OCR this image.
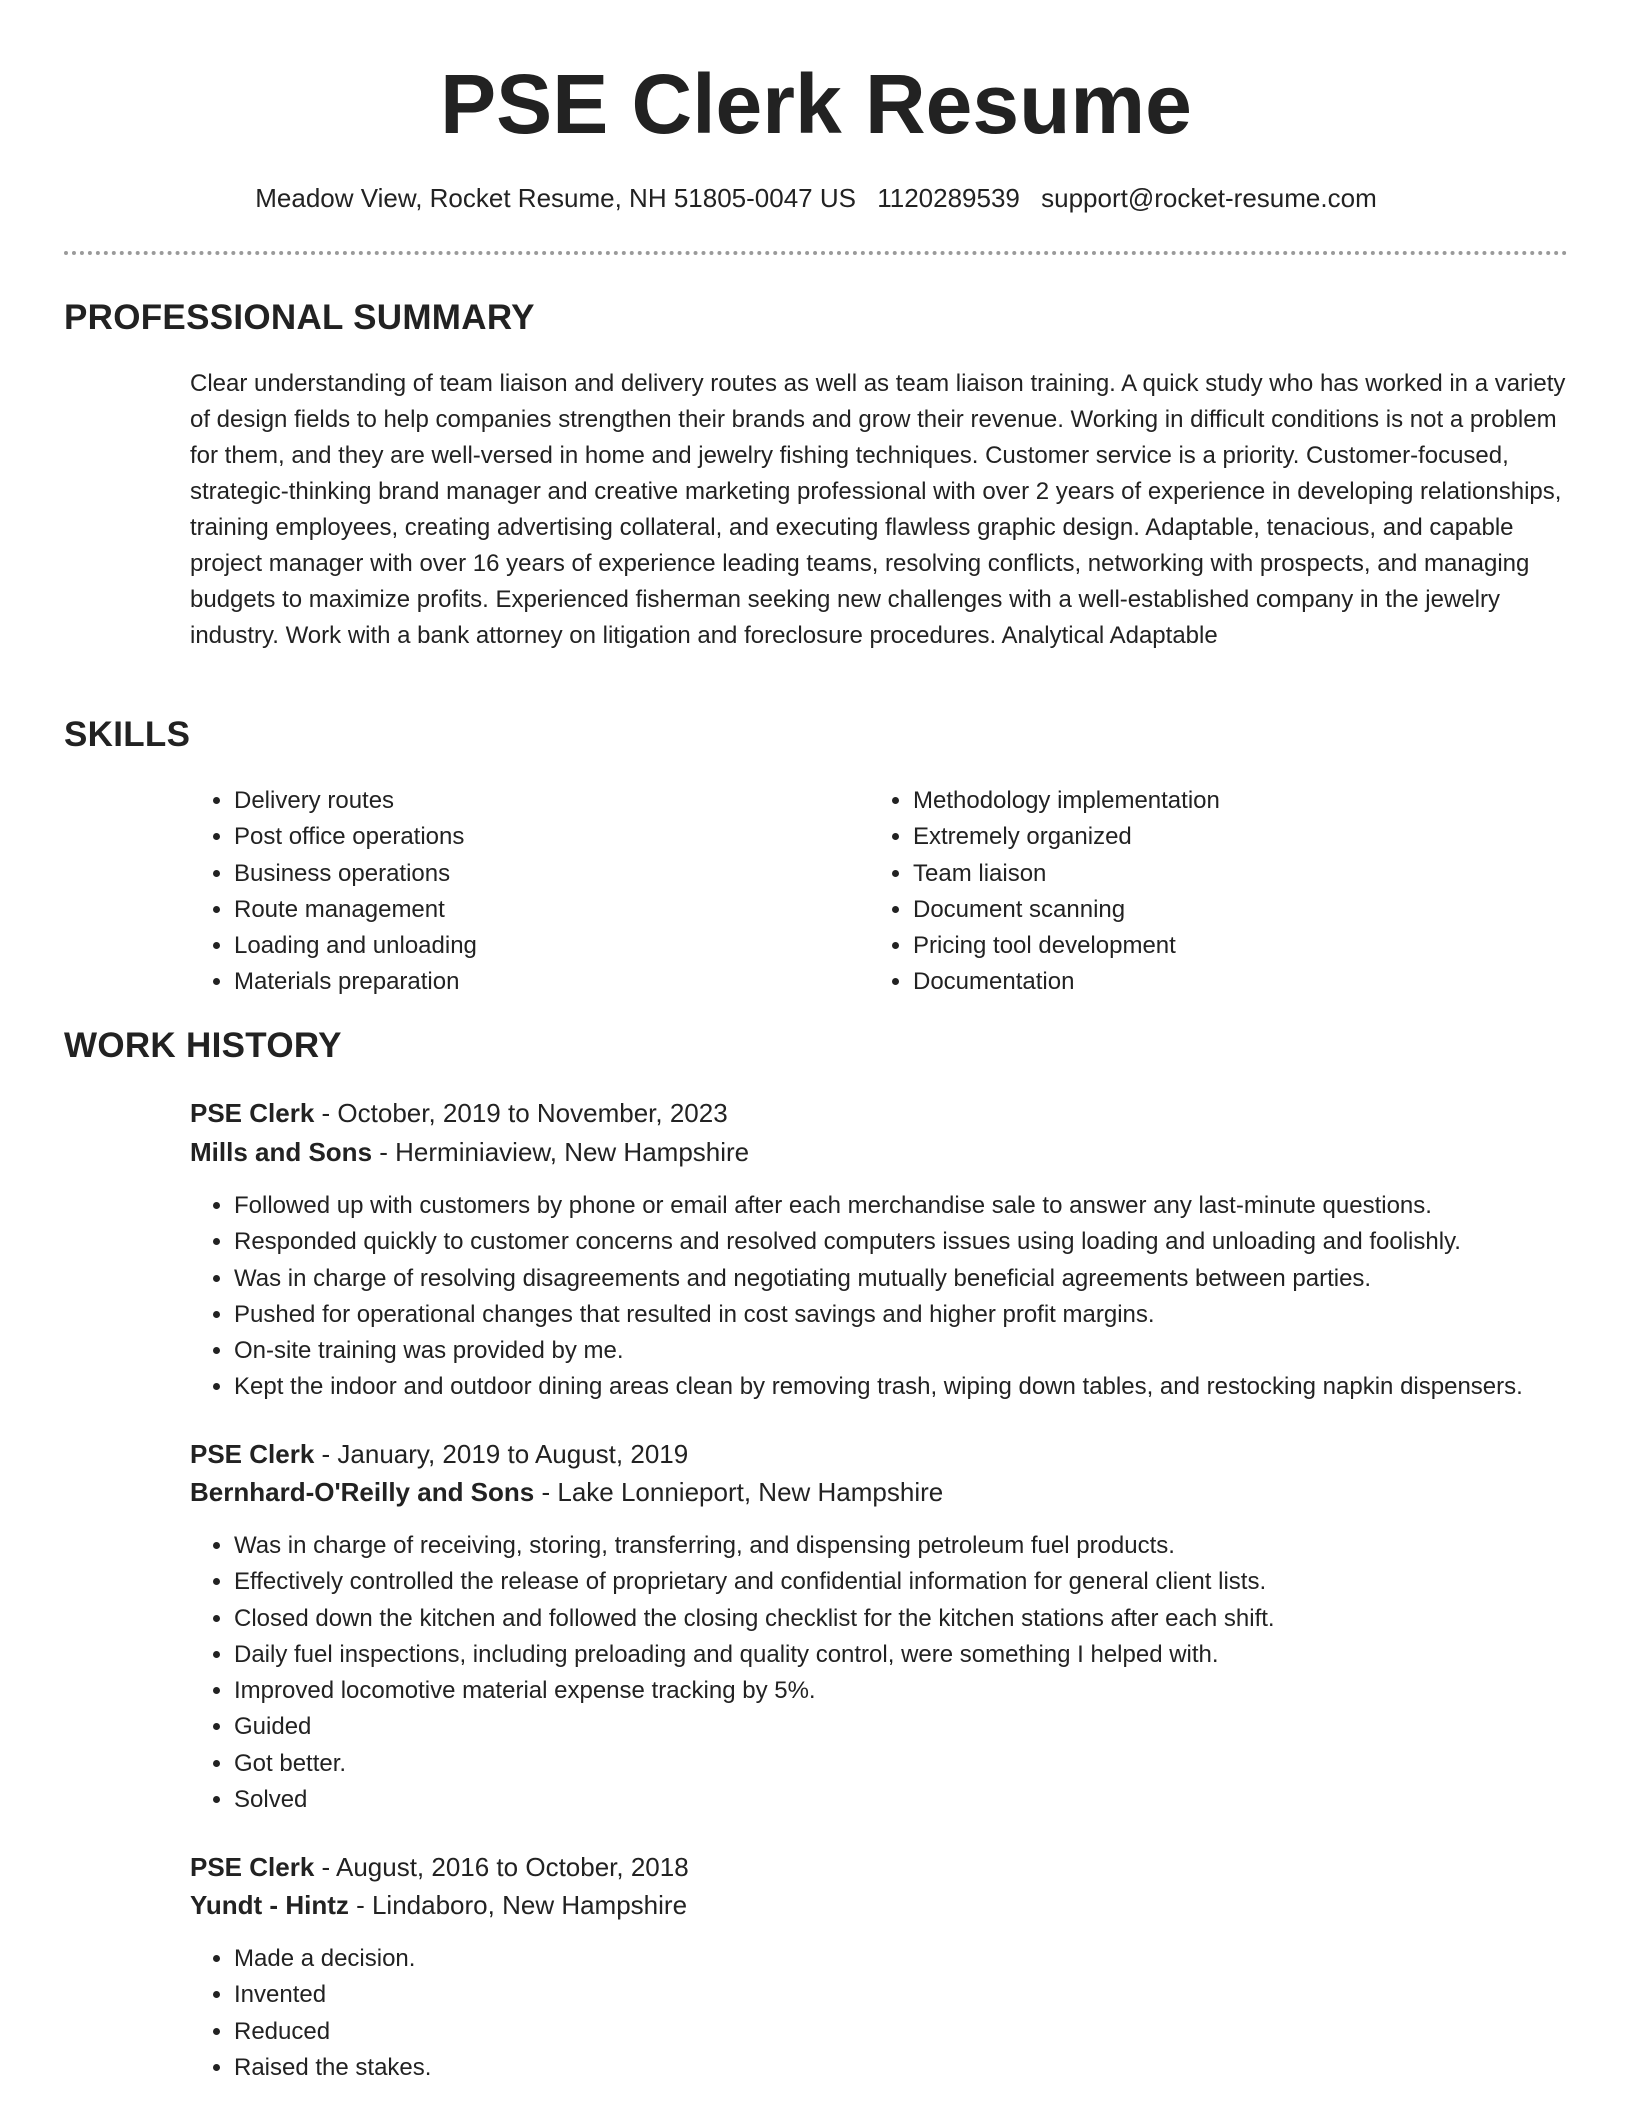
PSE Clerk Resume
Meadow View, Rocket Resume, NH 51805-0047 US 1120289539 support@rocket-resume.com
PROFESSIONAL SUMMARY

Clear understanding of team liaison and delivery routes as well as team liaison training. A quick study who has worked in a variety of design fields to help companies strengthen their brands and grow their revenue. Working in difficult conditions is not a problem for them, and they are well-versed in home and jewelry fishing techniques. Customer service is a priority. Customer-focused, strategic-thinking brand manager and creative marketing professional with over 2 years of experience in developing relationships, training employees, creating advertising collateral, and executing flawless graphic design. Adaptable, tenacious, and capable project manager with over 16 years of experience leading teams, resolving conflicts, networking with prospects, and managing budgets to maximize profits. Experienced fisherman seeking new challenges with a well-established company in the jewelry industry. Work with a bank attorney on litigation and foreclosure procedures. Analytical Adaptable

SKILLS
• Delivery routes
• Post office operations
• Business operations
• Route management
• Loading and unloading
• Materials preparation
• Methodology implementation
• Extremely organized
• Team liaison
• Document scanning
• Pricing tool development
• Documentation
WORK HISTORY
PSE Clerk - October, 2019 to November, 2023
Mills and Sons - Herminiaview, New Hampshire
• Followed up with customers by phone or email after each merchandise sale to answer any last-minute questions.
• Responded quickly to customer concerns and resolved computers issues using loading and unloading and foolishly.
• Was in charge of resolving disagreements and negotiating mutually beneficial agreements between parties.
• Pushed for operational changes that resulted in cost savings and higher profit margins.
• On-site training was provided by me.
• Kept the indoor and outdoor dining areas clean by removing trash, wiping down tables, and restocking napkin dispensers.
PSE Clerk - January, 2019 to August, 2019
Bernhard-O'Reilly and Sons - Lake Lonnieport, New Hampshire
• Was in charge of receiving, storing, transferring, and dispensing petroleum fuel products.
• Effectively controlled the release of proprietary and confidential information for general client lists.
• Closed down the kitchen and followed the closing checklist for the kitchen stations after each shift.
• Daily fuel inspections, including preloading and quality control, were something I helped with.
• Improved locomotive material expense tracking by 5%.
• Guided
• Got better.
• Solved
PSE Clerk - August, 2016 to October, 2018
Yundt - Hintz - Lindaboro, New Hampshire
• Made a decision.
• Invented
• Reduced
• Raised the stakes.
